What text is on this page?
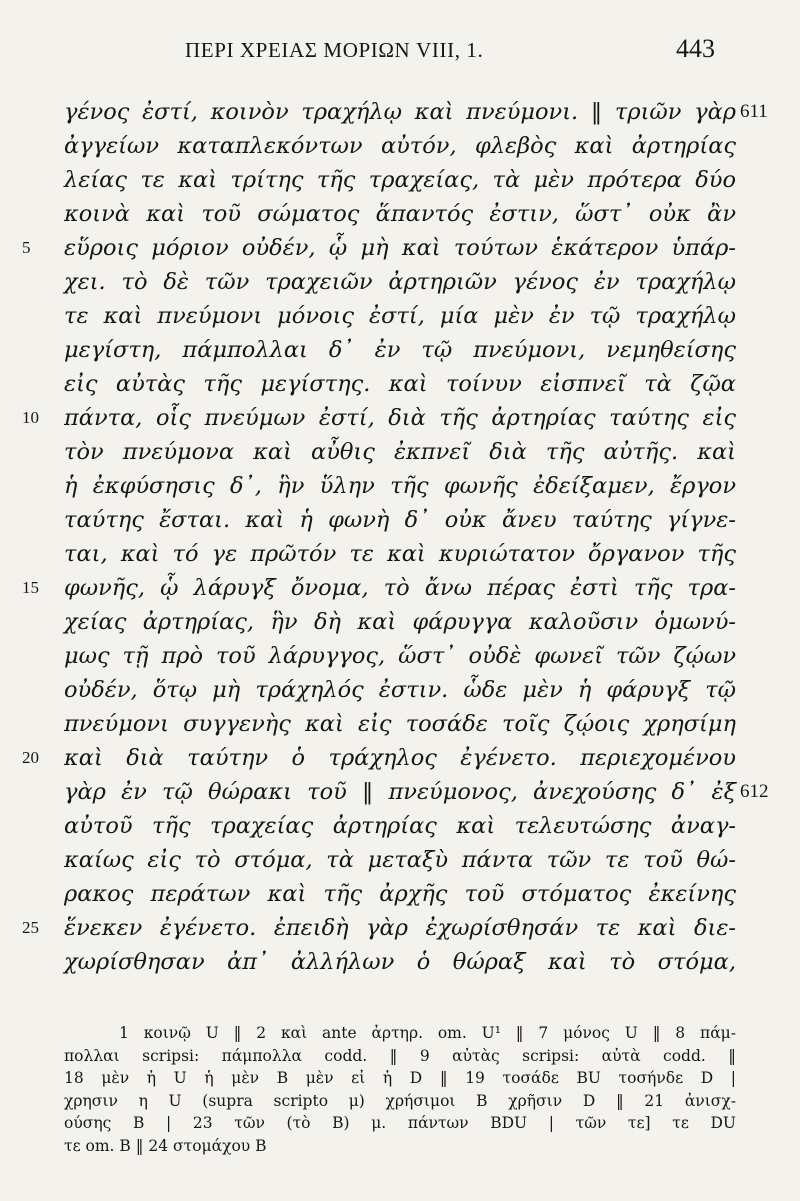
ΠΕΡΙ ΧΡΕΙΑΣ ΜΟΡΙΩΝ VIII, 1.	443
γένος ἐστί, κοινὸν τραχήλῳ καὶ πνεύμονι. ‖ τριῶν γὰρ
ἀγγείων καταπλεκόντων αὐτόν, φλεβὸς καὶ ἀρτηρίας
λείας τε καὶ τρίτης τῆς τραχείας, τὰ μὲν πρότερα δύο
κοινὰ καὶ τοῦ σώματος ἅπαντός ἐστιν, ὥστ᾽ οὐκ ἂν
εὕροις μόριον οὐδέν, ᾧ μὴ καὶ τούτων ἑκάτερον ὑπάρ-
χει. τὸ δὲ τῶν τραχειῶν ἀρτηριῶν γένος ἐν τραχήλῳ
τε καὶ πνεύμονι μόνοις ἐστί, μία μὲν ἐν τῷ τραχήλῳ
μεγίστη, πάμπολλαι δ᾽ ἐν τῷ πνεύμονι, νεμηθείσης
εἰς αὐτὰς τῆς μεγίστης. καὶ τοίνυν εἰσπνεῖ τὰ ζῷα
πάντα, οἷς πνεύμων ἐστί, διὰ τῆς ἀρτηρίας ταύτης εἰς
τὸν πνεύμονα καὶ αὖθις ἐκπνεῖ διὰ τῆς αὐτῆς. καὶ
ἡ ἐκφύσησις δ᾽, ἣν ὕλην τῆς φωνῆς ἐδείξαμεν, ἔργον
ταύτης ἔσται. καὶ ἡ φωνὴ δ᾽ οὐκ ἄνευ ταύτης γίγνε-
ται, καὶ τό γε πρῶτόν τε καὶ κυριώτατον ὄργανον τῆς
φωνῆς, ᾧ λάρυγξ ὄνομα, τὸ ἄνω πέρας ἐστὶ τῆς τρα-
χείας ἀρτηρίας, ἣν δὴ καὶ φάρυγγα καλοῦσιν ὁμωνύ-
μως τῇ πρὸ τοῦ λάρυγγος, ὥστ᾽ οὐδὲ φωνεῖ τῶν ζῴων
οὐδέν, ὅτῳ μὴ τράχηλός ἐστιν. ὧδε μὲν ἡ φάρυγξ τῷ
πνεύμονι συγγενὴς καὶ εἰς τοσάδε τοῖς ζῴοις χρησίμη
καὶ διὰ ταύτην ὁ τράχηλος ἐγένετο. περιεχομένου
γὰρ ἐν τῷ θώρακι τοῦ ‖ πνεύμονος, ἀνεχούσης δ᾽ ἐξ
αὐτοῦ τῆς τραχείας ἀρτηρίας καὶ τελευτώσης ἀναγ-
καίως εἰς τὸ στόμα, τὰ μεταξὺ πάντα τῶν τε τοῦ θώ-
ρακος περάτων καὶ τῆς ἀρχῆς τοῦ στόματος ἐκείνης
ἕνεκεν ἐγένετο. ἐπειδὴ γὰρ ἐχωρίσθησάν τε καὶ διε-
χωρίσθησαν ἀπ᾽ ἀλλήλων ὁ θώραξ καὶ τὸ στόμα,
5
10
15
20
25
611
612
1 κοινῷ U ‖ 2 καὶ ante ἀρτηρ. om. U¹ ‖ 7 μόνος U ‖ 8 πάμ-
πολλαι scripsi: πάμπολλα codd. ‖ 9 αὐτὰς scripsi: αὐτὰ codd. ‖
18 μὲν ἡ U ἡ μὲν B μὲν εἰ ἡ D ‖ 19 τοσάδε BU τοσήνδε D |
χρησιν η U (supra scripto μ) χρήσιμοι B χρῆσιν D ‖ 21 ἀνισχ-
ούσης B | 23 τῶν (τὸ B) μ. πάντων BDU | τῶν τε] τε DU
τε om. B ‖ 24 στομάχου B
